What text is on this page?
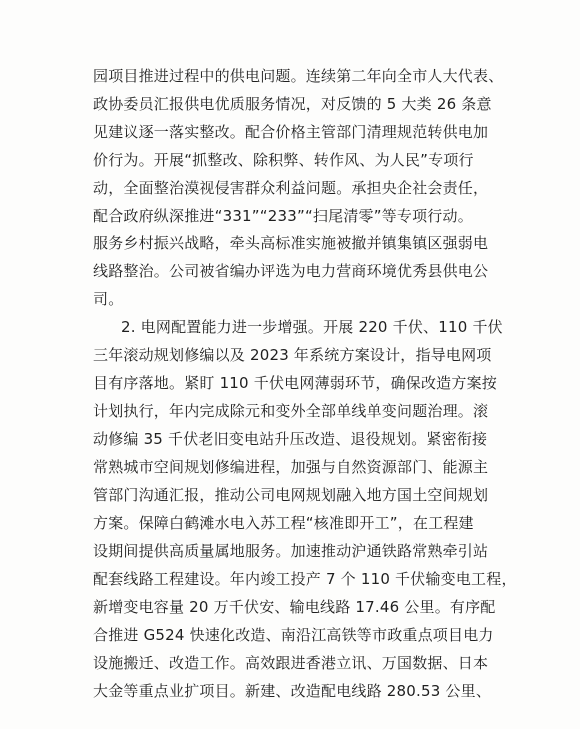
园项目推进过程中的供电问题。连续第二年向全市人大代表、
政协委员汇报供电优质服务情况，对反馈的 5 大类 26 条意
见建议逐一落实整改。配合价格主管部门清理规范转供电加
价行为。开展“抓整改、除积弊、转作风、为人民”专项行
动，全面整治漠视侵害群众利益问题。承担央企社会责任，
配合政府纵深推进“331”“233”“扫尾清零”等专项行动。
服务乡村振兴战略，牵头高标准实施被撤并镇集镇区强弱电
线路整治。公司被省编办评选为电力营商环境优秀县供电公
司。
2. 电网配置能力进一步增强。开展 220 千伏、110 千伏
三年滚动规划修编以及 2023 年系统方案设计，指导电网项
目有序落地。紧盯 110 千伏电网薄弱环节，确保改造方案按
计划执行，年内完成除元和变外全部单线单变问题治理。滚
动修编 35 千伏老旧变电站升压改造、退役规划。紧密衔接
常熟城市空间规划修编进程，加强与自然资源部门、能源主
管部门沟通汇报，推动公司电网规划融入地方国土空间规划
方案。保障白鹤滩水电入苏工程“核准即开工”，在工程建
设期间提供高质量属地服务。加速推动沪通铁路常熟牵引站
配套线路工程建设。年内竣工投产 7 个 110 千伏输变电工程，
新增变电容量 20 万千伏安、输电线路 17.46 公里。有序配
合推进 G524 快速化改造、南沿江高铁等市政重点项目电力
设施搬迁、改造工作。高效跟进香港立讯、万国数据、日本
大金等重点业扩项目。新建、改造配电线路 280.53 公里、
